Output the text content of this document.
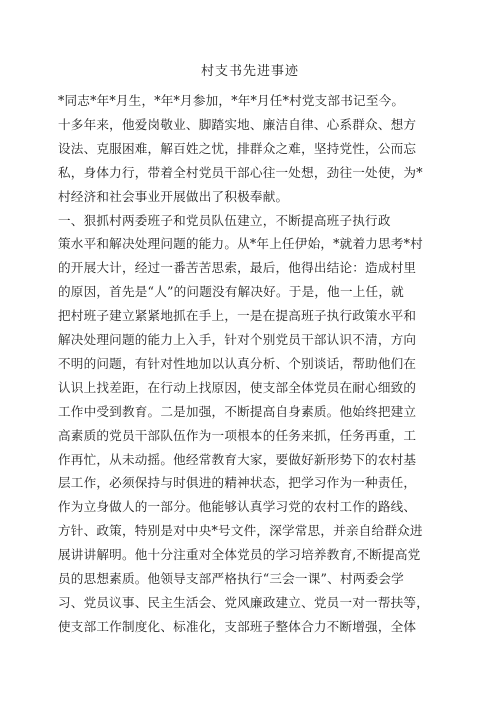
村支书先进事迹
*同志*年*月生，*年*月参加，*年*月任*村党支部书记至今。
十多年来，他爱岗敬业、脚踏实地、廉洁自律、心系群众、想方
设法、克服困难，解百姓之忧，排群众之难，坚持党性，公而忘
私，身体力行，带着全村党员干部心往一处想，劲往一处使，为*
村经济和社会事业开展做出了积极奉献。
一、狠抓村两委班子和党员队伍建立，不断提高班子执行政
策水平和解决处理问题的能力。从*年上任伊始，*就着力思考*村
的开展大计，经过一番苦苦思索，最后，他得出结论：造成村里
的原因，首先是“人”的问题没有解决好。于是，他一上任，就
把村班子建立紧紧地抓在手上，一是在提高班子执行政策水平和
解决处理问题的能力上入手，针对个别党员干部认识不清，方向
不明的问题，有针对性地加以认真分析、个别谈话，帮助他们在
认识上找差距，在行动上找原因，使支部全体党员在耐心细致的
工作中受到教育。二是加强，不断提高自身素质。他始终把建立
高素质的党员干部队伍作为一项根本的任务来抓，任务再重，工
作再忙，从未动摇。他经常教育大家，要做好新形势下的农村基
层工作，必须保持与时俱进的精神状态，把学习作为一种责任，
作为立身做人的一部分。他能够认真学习党的农村工作的路线、
方针、政策，特别是对中央*号文件，深学常思，并亲自给群众进
展讲讲解明。他十分注重对全体党员的学习培养教育,不断提高党
员的思想素质。他领导支部严格执行“三会一课”、村两委会学
习、党员议事、民主生活会、党风廉政建立、党员一对一帮扶等，
使支部工作制度化、标准化，支部班子整体合力不断增强，全体
